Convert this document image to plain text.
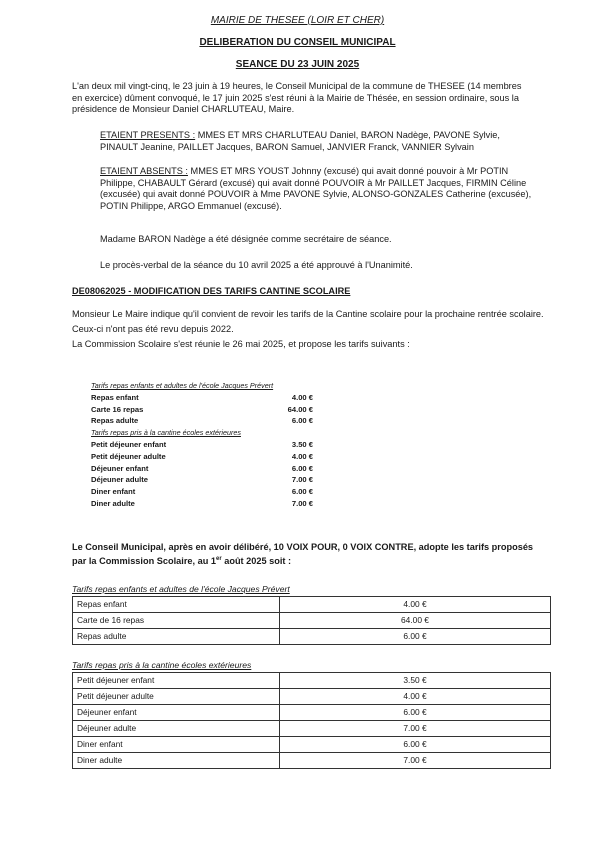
MAIRIE DE THESEE (LOIR ET CHER)
DELIBERATION DU CONSEIL MUNICIPAL
SEANCE DU 23 JUIN 2025
L'an deux mil vingt-cinq, le 23 juin à 19 heures, le Conseil Municipal de la commune de THESEE (14 membres en exercice) dûment convoqué, le 17 juin 2025 s'est réuni à la Mairie de Thésée, en session ordinaire, sous la présidence de Monsieur Daniel CHARLUTEAU, Maire.
ETAIENT PRESENTS : MMES ET MRS CHARLUTEAU Daniel, BARON Nadège, PAVONE Sylvie, PINAULT Jeanine, PAILLET Jacques, BARON Samuel, JANVIER Franck, VANNIER Sylvain
ETAIENT ABSENTS : MMES ET MRS YOUST Johnny (excusé) qui avait donné pouvoir à Mr POTIN Philippe, CHABAULT Gérard (excusé) qui avait donné POUVOIR à Mr PAILLET Jacques, FIRMIN Céline (excusée) qui avait donné POUVOIR à Mme PAVONE Sylvie, ALONSO-GONZALES Catherine (excusée), POTIN Philippe, ARGO Emmanuel (excusé).
Madame BARON Nadège a été désignée comme secrétaire de séance.
Le procès-verbal de la séance du 10 avril 2025 a été approuvé à l'Unanimité.
DE08062025 - MODIFICATION DES TARIFS CANTINE SCOLAIRE
Monsieur Le Maire indique qu'il convient de revoir les tarifs de la Cantine scolaire pour la prochaine rentrée scolaire.
Ceux-ci n'ont pas été revu depuis 2022.
La Commission Scolaire s'est réunie le 26 mai 2025, et propose les tarifs suivants :
Tarifs repas enfants et adultes de l'école Jacques Prévert	
Repas enfant	4.00 €
Carte 16 repas	64.00 €
Repas adulte	6.00 €
Tarifs repas pris à la cantine écoles extérieures	
Petit déjeuner enfant	3.50 €
Petit déjeuner adulte	4.00 €
Déjeuner enfant	6.00 €
Déjeuner adulte	7.00 €
Diner enfant	6.00 €
Diner adulte	7.00 €
Le Conseil Municipal, après en avoir délibéré, 10 VOIX POUR, 0 VOIX CONTRE, adopte les tarifs proposés
par la Commission Scolaire, au 1er août 2025 soit :
Tarifs repas enfants et adultes de l'école Jacques Prévert
Repas enfant	4.00 €
Carte de 16 repas	64.00 €
Repas adulte	6.00 €
Tarifs repas pris à la cantine écoles extérieures
Petit déjeuner enfant	3.50 €
Petit déjeuner adulte	4.00 €
Déjeuner enfant	6.00 €
Déjeuner adulte	7.00 €
Diner enfant	6.00 €
Diner adulte	7.00 €
